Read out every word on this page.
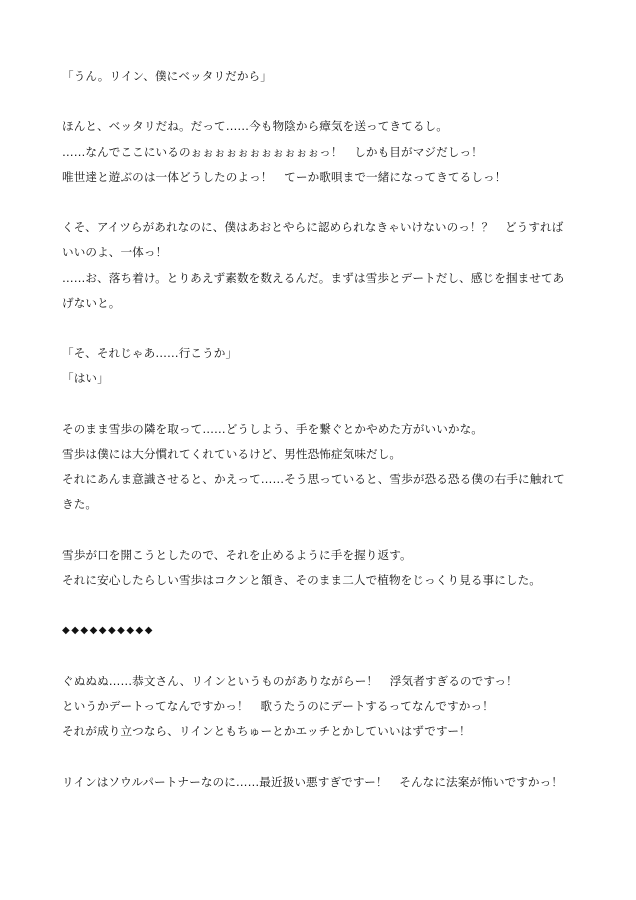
「うん。リイン、僕にベッタリだから」
ほんと、ベッタリだね。だって……今も物陰から瘴気を送ってきてるし。
……なんでここにいるのぉぉぉぉぉぉぉぉぉぉぉっ！　しかも目がマジだしっ！
唯世達と遊ぶのは一体どうしたのよっ！　てーか歌唄まで一緒になってきてるしっ！
くそ、アイツらがあれなのに、僕はあおとやらに認められなきゃいけないのっ！？　どうすれば
いいのよ、一体っ！
……お、落ち着け。とりあえず素数を数えるんだ。まずは雪歩とデートだし、感じを掴ませてあ
げないと。
「そ、それじゃあ……行こうか」
「はい」
そのまま雪歩の隣を取って……どうしよう、手を繋ぐとかやめた方がいいかな。
雪歩は僕には大分慣れてくれているけど、男性恐怖症気味だし。
それにあんま意識させると、かえって……そう思っていると、雪歩が恐る恐る僕の右手に触れて
きた。
雪歩が口を開こうとしたので、それを止めるように手を握り返す。
それに安心したらしい雪歩はコクンと頷き、そのまま二人で植物をじっくり見る事にした。
◆◆◆◆◆◆◆◆◆◆
ぐぬぬぬ……恭文さん、リインというものがありながらー！　浮気者すぎるのですっ！
というかデートってなんですかっ！　歌うたうのにデートするってなんですかっ！
それが成り立つなら、リインともちゅーとかエッチとかしていいはずですー！
リインはソウルパートナーなのに……最近扱い悪すぎですー！　そんなに法案が怖いですかっ！
